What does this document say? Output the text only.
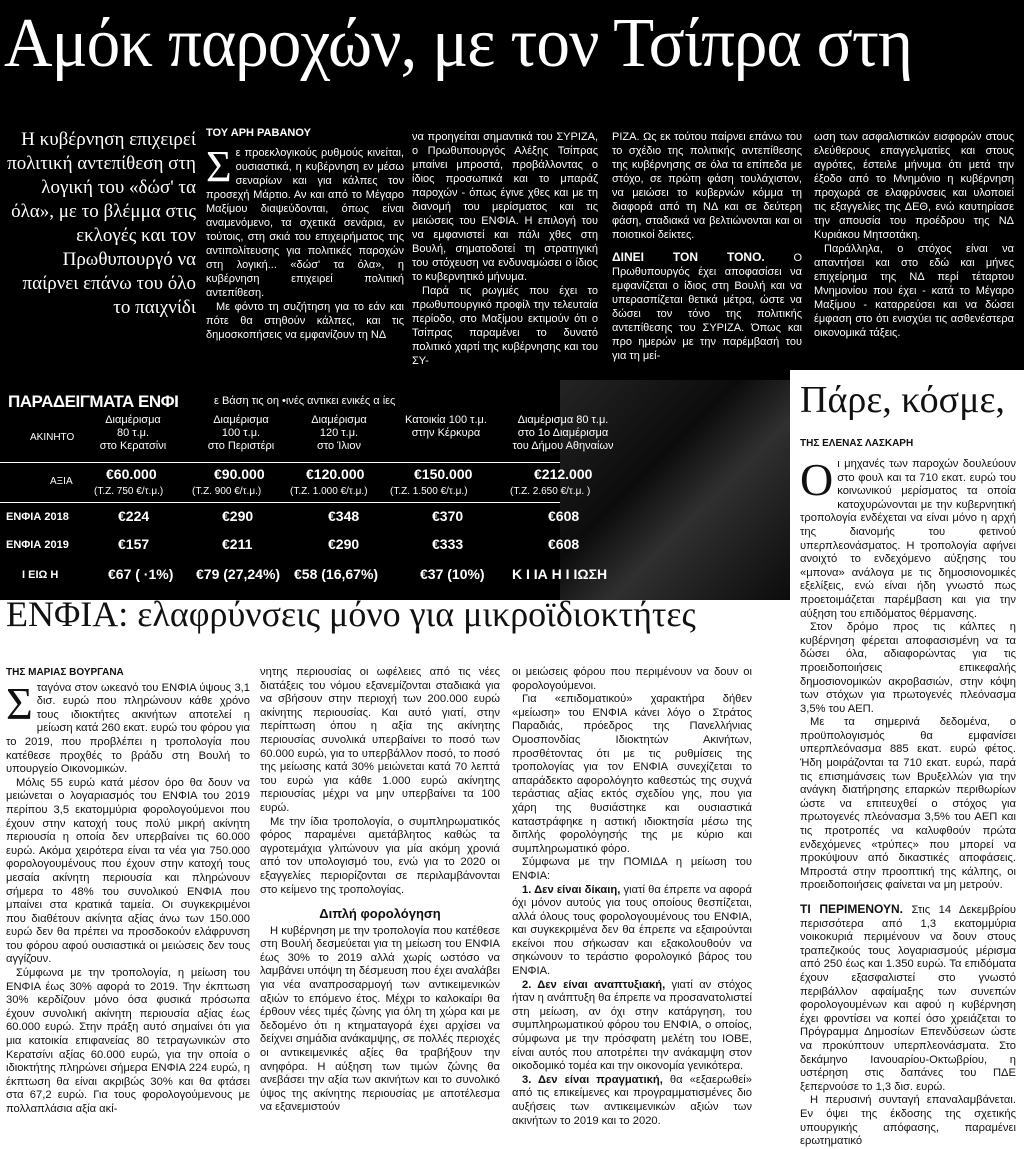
Αμόκ παροχών, με τον Τσίπρα στη
Η κυβέρνηση επιχειρεί πολιτική αντεπίθεση στη λογική του «δώσ' τα όλα», με το βλέμμα στις εκλογές και τον Πρωθυπουργό να παίρνει επάνω του όλο το παιχνίδι
ΤΟΥ ΑΡΗ ΡΑΒΑΝΟΥ

Σε προεκλογικούς ρυθμούς κινείται, ουσιαστικά, η κυβέρνηση εν μέσω σεναρίων και για κάλπες τον προσεχή Μάρτιο. Αν και από το Μέγαρο Μαξίμου διαψεύδονται, όπως είναι αναμενόμενο, τα σχετικά σενάρια, εν τούτοις, στη σκιά του επιχειρήματος της αντιπολίτευσης για πολιτικές παροχών στη λογική... «δώσ' τα όλα», η κυβέρνηση επιχειρεί πολιτική αντεπίθεση.

Με φόντο τη συζήτηση για το εάν και πότε θα στηθούν κάλπες, και τις δημοσκοπήσεις να εμφανίζουν τη ΝΔ

να προηγείται σημαντικά του ΣΥΡΙΖΑ, ο Πρωθυπουργός Αλέξης Τσίπρας μπαίνει μπροστά, προβάλλοντας ο ίδιος προσωπικά και το μπαράζ παροχών - όπως έγινε χθες και με τη διανομή του μερίσματος και τις μειώσεις του ΕΝΦΙΑ. Η επιλογή του να εμφανιστεί και πάλι χθες στη Βουλή, σηματοδοτεί τη στρατηγική του στόχευση να ενδυναμώσει ο ίδιος το κυβερνητικό μήνυμα.

Παρά τις ρωγμές που έχει το πρωθυπουργικό προφίλ την τελευταία περίοδο, στο Μαξίμου εκτιμούν ότι ο Τσίπρας παραμένει το δυνατό πολιτικό χαρτί της κυβέρνησης και του ΣΥ-

ΡΙΖΑ. Ως εκ τούτου παίρνει επάνω του το σχέδιο της πολιτικής αντεπίθεσης της κυβέρνησης σε όλα τα επίπεδα με στόχο, σε πρώτη φάση τουλάχιστον, να μειώσει το κυβερνών κόμμα τη διαφορά από τη ΝΔ και σε δεύτερη φάση, σταδιακά να βελτιώνονται και οι ποιοτικοί δείκτες.

ΔΙΝΕΙ ΤΟΝ ΤΟΝΟ.	Ο Πρωθυπουργός έχει αποφασίσει να εμφανίζεται ο ίδιος στη Βουλή και να υπερασπίζεται θετικά μέτρα, ώστε να δώσει τον τόνο της πολιτικής αντεπίθεσης του ΣΥΡΙΖΑ. Όπως και προ ημερών με την παρέμβασή του για τη μεί-

ωση των ασφαλιστικών εισφορών στους ελεύθερους επαγγελματίες και στους αγρότες, έστειλε μήνυμα ότι μετά την έξοδο από το Μνημόνιο η κυβέρνηση προχωρά σε ελαφρύνσεις και υλοποιεί τις εξαγγελίες της ΔΕΘ, ενώ καυτηρίασε την απουσία του προέδρου της ΝΔ Κυριάκου Μητσοτάκη.

Παράλληλα, ο στόχος είναι να απαντήσει και στο εδώ και μήνες επιχείρημα της ΝΔ περί τέταρτου Μνημονίου που έχει - κατά το Μέγαρο Μαξίμου - καταρρεύσει και να δώσει έμφαση στο ότι ενισχύει τις ασθενέστερα οικονομικά τάξεις.

ΠΑΡΑΔΕΙΓΜΑΤΑ ΕΝΦΙ	ε Βάση τις οη •ινές αντικει ενικές α ίες
ΑΚΙΝΗΤΟ
ΑΞΙΑ
ΕΝΦΙΑ 2018
ΕΝΦΙΑ 2019
Ι ΕΙΩ Η
Διαμέρισμα
80 τ.μ.
στο Κερατσίνι
€60.000
(Τ.Ζ. 750 €/τ.μ.)
€224
€157
€67 ( ·1%)
Διαμέρισμα
100 τ.μ.
στο Περιστέρι
€90.000
(Τ.Ζ. 900 €/τ.μ.)
€290
€211
€79 (27,24%)
Διαμέρισμα
120 τ.μ.
στο Ίλιον
€120.000
(Τ.Ζ. 1.000 €/τ.μ.)
€348
€290
€58 (16,67%)
Κατοικία 100 τ.μ.
στην Κέρκυρα
€150.000
(Τ.Ζ. 1.500 €/τ.μ.)
€370
€333
€37 (10%)
Διαμέρισμα 80 τ.μ.
στο 1ο Διαμέρισμα
του Δήμου Αθηναίων
€212.000
(Τ.Ζ. 2.650 €/τ.μ. )
€608
€608
Κ Ι ΙΑ Η Ι ΙΩΣΗ
Πάρε, κόσμε,
ΤΗΣ ΕΛΕΝΑΣ ΛΑΣΚΑΡΗ

Οι μηχανές των παροχών δουλεύουν στο φουλ και τα 710 εκατ. ευρώ του κοινωνικού μερίσματος τα οποία κατοχυρώνονται με την κυβερνητική τροπολογία ενδέχεται να είναι μόνο η αρχή της διανομής του φετινού υπερπλεονάσματος. Η τροπολογία αφήνει ανοιχτό το ενδεχόμενο αύξησης του «μπονα» ανάλογα με τις δημοσιονομικές εξελίξεις, ενώ είναι ήδη γνωστό πως προετοιμάζεται παρέμβαση και για την αύξηση του επιδόματος θέρμανσης.

Στον δρόμο προς τις κάλπες η κυβέρνηση φέρεται αποφασισμένη να τα δώσει όλα, αδιαφορώντας για τις προειδοποιήσεις επικεφαλής δημοσιονομικών ακροβασιών, στην κόψη των στόχων για πρωτογενές πλεόνασμα 3,5% του ΑΕΠ.

Με τα σημερινά δεδομένα, ο προϋπολογισμός θα εμφανίσει υπερπλεόνασμα 885 εκατ. ευρώ φέτος. Ήδη μοιράζονται τα 710 εκατ. ευρώ, παρά τις επισημάνσεις των Βρυξελλών για την ανάγκη διατήρησης επαρκών περιθωρίων ώστε να επιτευχθεί ο στόχος για πρωτογενές πλεόνασμα 3,5% του ΑΕΠ και τις προτροπές να καλυφθούν πρώτα ενδεχόμενες «τρύπες» που μπορεί να προκύψουν από δικαστικές αποφάσεις. Μπροστά στην προοπτική της κάλπης, οι προειδοποιήσεις φαίνεται να μη μετρούν.

ΤΙ ΠΕΡΙΜΕΝΟΥΝ. Στις 14 Δεκεμβρίου περισσότερα από 1,3 εκατομμύρια νοικοκυριά περιμένουν να δουν στους τραπεζικούς τους λογαριασμούς μέρισμα από 250 έως και 1.350 ευρώ. Τα επιδόματα έχουν εξασφαλιστεί στο γνωστό περιβάλλον αφαίμαξης των συνεπών φορολογουμένων και αφού η κυβέρνηση έχει φροντίσει να κοπεί όσο χρειάζεται το Πρόγραμμα Δημοσίων Επενδύσεων ώστε να προκύπτουν υπερπλεονάσματα. Στο δεκάμηνο Ιανουαρίου-Οκτωβρίου, η υστέρηση στις δαπάνες του ΠΔΕ ξεπερνούσε το 1,3 δισ. ευρώ.

Η περυσινή συνταγή επαναλαμβάνεται. Εν όψει της έκδοσης της σχετικής υπουργικής απόφασης, παραμένει ερωτηματικό

ΕΝΦΙΑ: ελαφρύνσεις μόνο για μικροϊδιοκτήτες
ΤΗΣ ΜΑΡΙΑΣ ΒΟΥΡΓΑΝΑ

Σταγόνα στον ωκεανό του ΕΝΦΙΑ ύψους 3,1 δισ. ευρώ που πληρώνουν κάθε χρόνο τους ιδιοκτήτες ακινήτων αποτελεί η μείωση κατά 260 εκατ. ευρώ του φόρου για το 2019, που προβλέπει η τροπολογία που κατέθεσε προχθές το βράδυ στη Βουλή το υπουργείο Οικονομικών.

Μόλις 55 ευρώ κατά μέσον όρο θα δουν να μειώνεται ο λογαριασμός του ΕΝΦΙΑ του 2019 περίπου 3,5 εκατομμύρια φορολογούμενοι που έχουν στην κατοχή τους πολύ μικρή ακίνητη περιουσία η οποία δεν υπερβαίνει τις 60.000 ευρώ. Ακόμα χειρότερα είναι τα νέα για 750.000 φορολογουμένους που έχουν στην κατοχή τους μεσαία ακίνητη περιουσία και πληρώνουν σήμερα το 48% του συνολικού ΕΝΦΙΑ που μπαίνει στα κρατικά ταμεία. Οι συγκεκριμένοι που διαθέτουν ακίνητα αξίας άνω των 150.000 ευρώ δεν θα πρέπει να προσδοκούν ελάφρυνση του φόρου αφού ουσιαστικά οι μειώσεις δεν τους αγγίζουν.

Σύμφωνα με την τροπολογία, η μείωση του ΕΝΦΙΑ έως 30% αφορά το 2019. Την έκπτωση 30% κερδίζουν μόνο όσα φυσικά πρόσωπα έχουν συνολική ακίνητη περιουσία αξίας έως 60.000 ευρώ. Στην πράξη αυτό σημαίνει ότι για μια κατοικία επιφανείας 80 τετραγωνικών στο Κερατσίνι αξίας 60.000 ευρώ, για την οποία ο ιδιοκτήτης πληρώνει σήμερα ΕΝΦΙΑ 224 ευρώ, η έκπτωση θα είναι ακριβώς 30% και θα φτάσει στα 67,2 ευρώ. Για τους φορολογούμενους με πολλαπλάσια αξία ακί-

νητης περιουσίας οι ωφέλειες από τις νέες διατάξεις του νόμου εξανεμίζονται σταδιακά για να σβήσουν στην περιοχή των 200.000 ευρώ ακίνητης περιουσίας. Και αυτό γιατί, στην περίπτωση όπου η αξία της ακίνητης περιουσίας συνολικά υπερβαίνει το ποσό των 60.000 ευρώ, για το υπερβάλλον ποσό, το ποσό της μείωσης κατά 30% μειώνεται κατά 70 λεπτά του ευρώ για κάθε 1.000 ευρώ ακίνητης περιουσίας μέχρι να μην υπερβαίνει τα 100 ευρώ.

Με την ίδια τροπολογία, ο συμπληρωματικός φόρος παραμένει αμετάβλητος καθώς τα αγροτεμάχια γλιτώνουν για μία ακόμη χρονιά από τον υπολογισμό του, ενώ για το 2020 οι εξαγγελίες περιορίζονται σε περιλαμβάνονται στο κείμενο της τροπολογίας.

Διπλή φορολόγηση

Η κυβέρνηση με την τροπολογία που κατέθεσε στη Βουλή δεσμεύεται για τη μείωση του ΕΝΦΙΑ έως 30% το 2019 αλλά χωρίς ωστόσο να λαμβάνει υπόψη τη δέσμευση που έχει αναλάβει για νέα αναπροσαρμογή των αντικειμενικών αξιών το επόμενο έτος. Μέχρι το καλοκαίρι θα έρθουν νέες τιμές ζώνης για όλη τη χώρα και με δεδομένο ότι η κτηματαγορά έχει αρχίσει να δείχνει σημάδια ανάκαμψης, σε πολλές περιοχές οι αντικειμενικές αξίες θα τραβήξουν την ανηφόρα. Η αύξηση των τιμών ζώνης θα ανεβάσει την αξία των ακινήτων και το συνολικό ύψος της ακίνητης περιουσίας με αποτέλεσμα να εξανεμιστούν

οι μειώσεις φόρου που περιμένουν να δουν οι φορολογούμενοι.

Για «επιδοματικού» χαρακτήρα δήθεν «μείωση» του ΕΝΦΙΑ κάνει λόγο ο Στράτος Παραδιάς, πρόεδρος της Πανελλήνιας Ομοσπονδίας Ιδιοκτητών Ακινήτων, προσθέτοντας ότι με τις ρυθμίσεις της τροπολογίας για τον ΕΝΦΙΑ συνεχίζεται το απαράδεκτο αφορολόγητο καθεστώς της συχνά τεράστιας αξίας εκτός σχεδίου γης, που για χάρη της θυσιάστηκε και ουσιαστικά καταστράφηκε η αστική ιδιοκτησία μέσω της διπλής φορολόγησής της με κύριο και συμπληρωματικό φόρο.

Σύμφωνα με την ΠΟΜΙΔΑ η μείωση του ΕΝΦΙΑ:

1. Δεν είναι δίκαιη, γιατί θα έπρεπε να αφορά όχι μόνον αυτούς για τους οποίους θεσπίζεται, αλλά όλους τους φορολογουμένους του ΕΝΦΙΑ, και συγκεκριμένα δεν θα έπρεπε να εξαιρούνται εκείνοι που σήκωσαν και εξακολουθούν να σηκώνουν το τεράστιο φορολογικό βάρος του ΕΝΦΙΑ.

2. Δεν είναι αναπτυξιακή, γιατί αν στόχος ήταν η ανάπτυξη θα έπρεπε να προσανατολιστεί στη μείωση, αν όχι στην κατάργηση, του συμπληρωματικού φόρου του ΕΝΦΙΑ, ο οποίος, σύμφωνα με την πρόσφατη μελέτη του ΙΟΒΕ, είναι αυτός που αποτρέπει την ανάκαμψη στον οικοδομικό τομέα και την οικονομία γενικότερα.

3. Δεν είναι πραγματική, θα «εξαερωθεί» από τις επικείμενες και προγραμματισμένες διο αυξήσεις των αντικειμενικών αξιών των ακινήτων το 2019 και το 2020.
